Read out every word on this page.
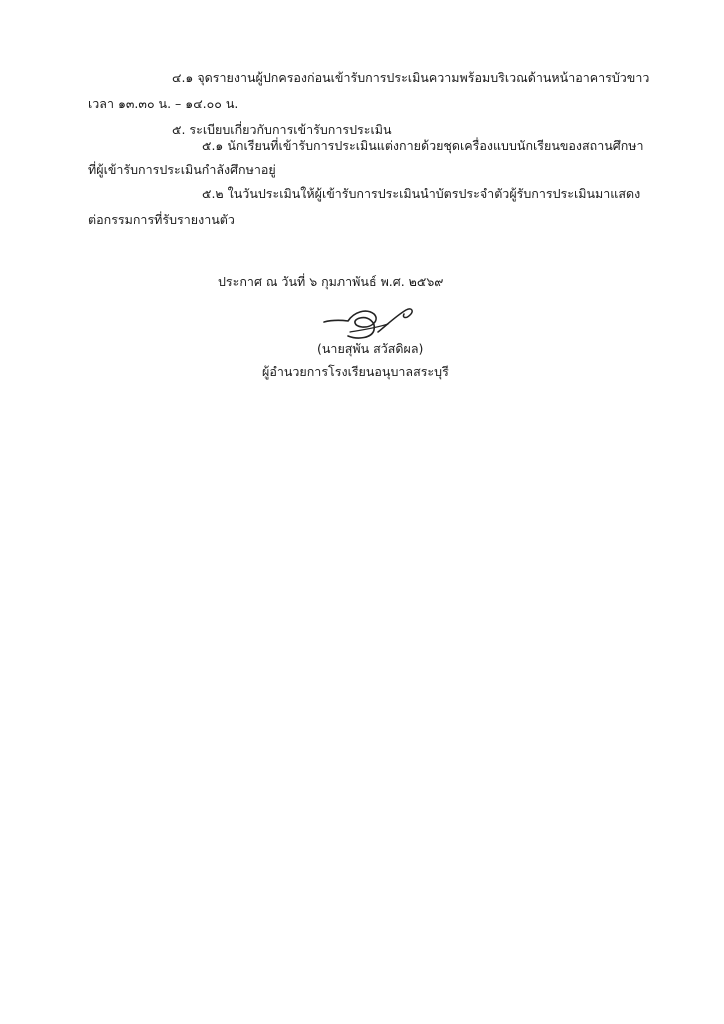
๔.๑ จุดรายงานผู้ปกครองก่อนเข้ารับการประเมินความพร้อมบริเวณด้านหน้าอาคารบัวขาว
เวลา ๑๓.๓๐ น. – ๑๔.๐๐ น.
๕. ระเบียบเกี่ยวกับการเข้ารับการประเมิน
๕.๑ นักเรียนที่เข้ารับการประเมินแต่งกายด้วยชุดเครื่องแบบนักเรียนของสถานศึกษา
ที่ผู้เข้ารับการประเมินกำลังศึกษาอยู่
๕.๒ ในวันประเมินให้ผู้เข้ารับการประเมินนำบัตรประจำตัวผู้รับการประเมินมาแสดง
ต่อกรรมการที่รับรายงานตัว
ประกาศ ณ วันที่ ๖ กุมภาพันธ์ พ.ศ. ๒๕๖๙
(นายสุพัน สวัสดิผล)
ผู้อำนวยการโรงเรียนอนุบาลสระบุรี
